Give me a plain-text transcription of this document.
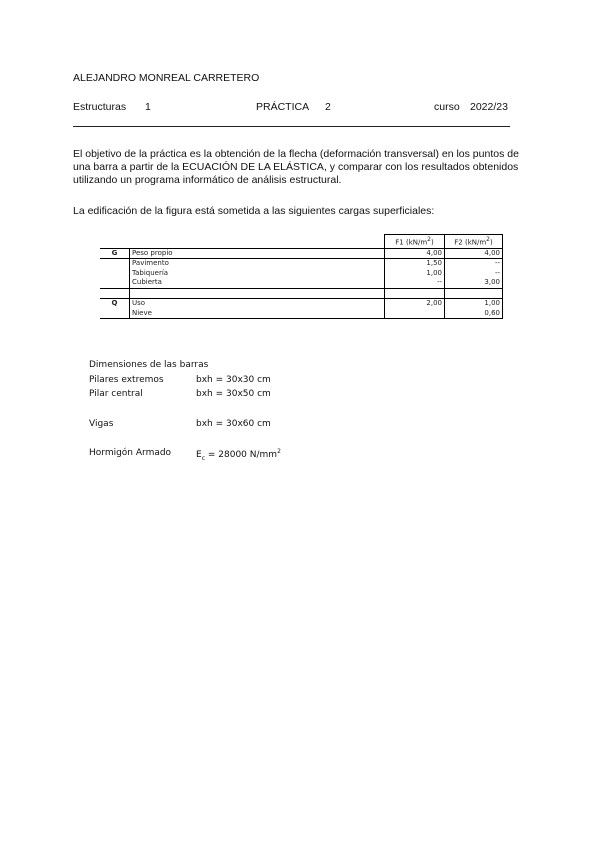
ALEJANDRO MONREAL CARRETERO
Estructuras 1	PRÁCTICA 2	curso 2022/23
El objetivo de la práctica es la obtención de la flecha (deformación transversal) en los puntos de una barra a partir de la ECUACIÓN DE LA ELÁSTICA, y comparar con los resultados obtenidos utilizando un programa informático de análisis estructural.
La edificación de la figura está sometida a las siguientes cargas superficiales:
		F1 $(kN/m^2)$	F2 $(kN/m^2)$
G	Peso propio	4,00	4,00
	Pavimento	1,50	--
	Tabiquería	1,00	--
	Cubierta	--	3,00

Q	Uso	2,00	1,00
	Nieve		0,60
Dimensiones de las barras
Pilares extremos	bxh = 30x30 cm
Pilar central	bxh = 30x50 cm
Vigas	bxh = 30x60 cm
Hormigón Armado	$E_c = 28000$ $N/mm^2$
